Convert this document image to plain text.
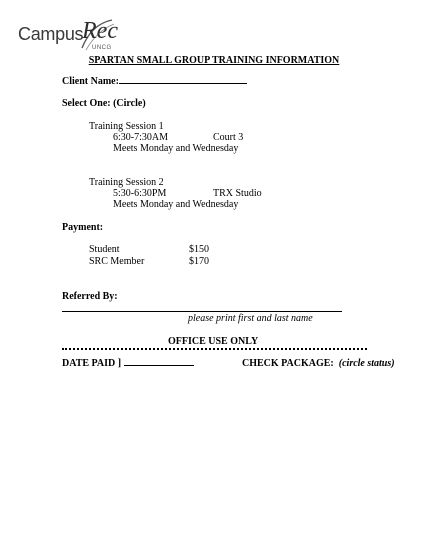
Campus
Rec
UNCG
SPARTAN SMALL GROUP TRAINING INFORMATION
Client Name:
Select One: (Circle)
Training Session 1
6:30-7:30AM	Court 3
Meets Monday and Wednesday
Training Session 2
5:30-6:30PM	TRX Studio
Meets Monday and Wednesday
Payment:
Student	$150
SRC Member	$170
Referred By:
please print first and last name
OFFICE USE ONLY
DATE PAID ]	CHECK PACKAGE: (circle status)
